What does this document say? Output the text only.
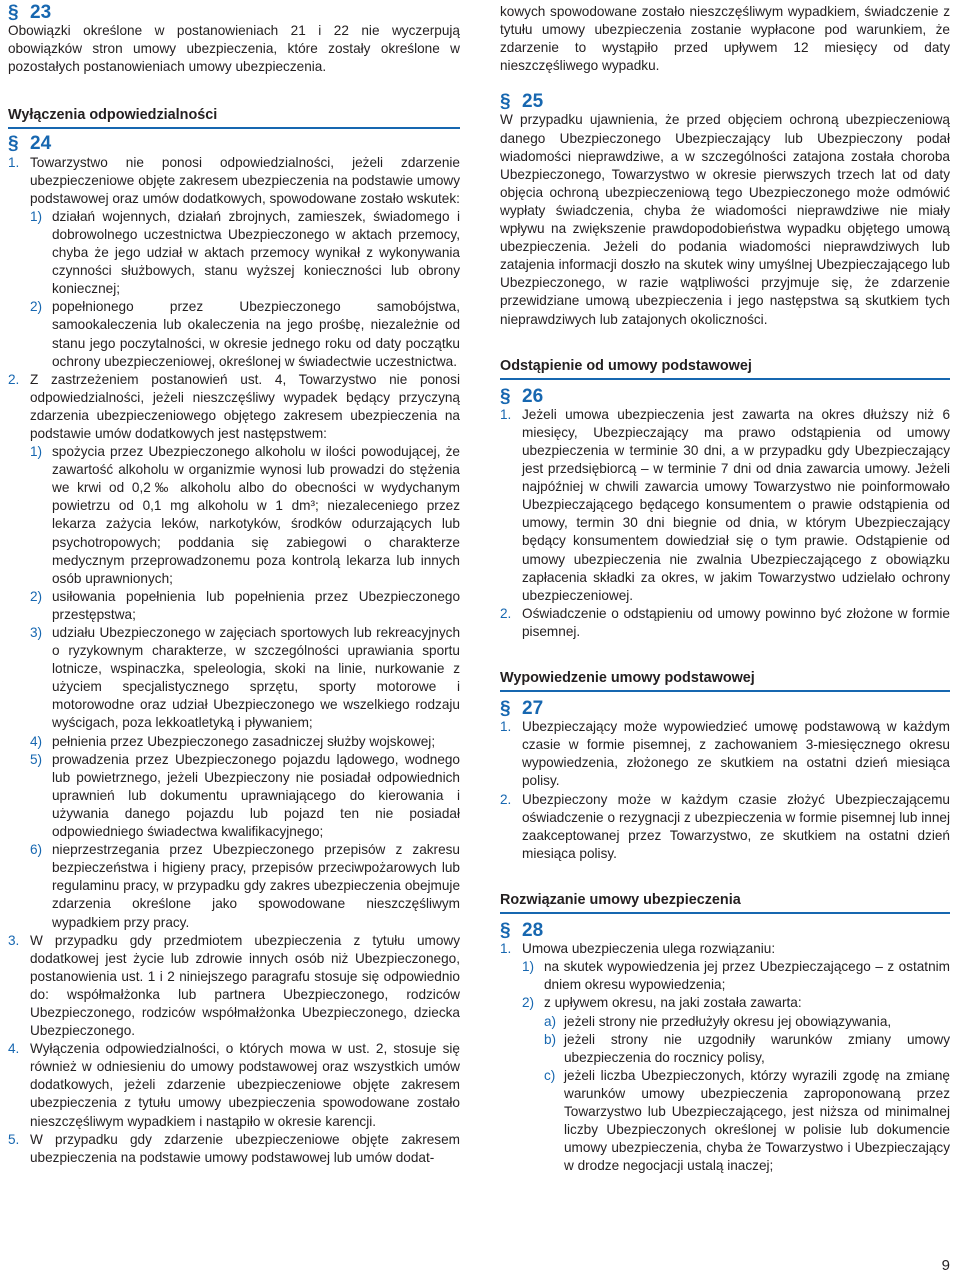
§ 23

Obowiązki określone w postanowieniach 21 i 22 nie wyczerpują obowiązków stron umowy ubezpieczenia, które zostały określone w pozostałych postanowieniach umowy ubezpieczenia.

Wyłączenia odpowiedzialności
§ 24
1. Towarzystwo nie ponosi odpowiedzialności, jeżeli zdarzenie ubezpieczeniowe objęte zakresem ubezpieczenia na podstawie umowy podstawowej oraz umów dodatkowych, spowodowane zostało wskutek:

1) działań wojennych, działań zbrojnych, zamieszek, świadomego i dobrowolnego uczestnictwa Ubezpieczonego w aktach przemocy, chyba że jego udział w aktach przemocy wynikał z wykonywania czynności służbowych, stanu wyższej konieczności lub obrony koniecznej;
2) popełnionego przez Ubezpieczonego samobójstwa, samookaleczenia lub okaleczenia na jego prośbę, niezależnie od stanu jego poczytalności, w okresie jednego roku od daty początku ochrony ubezpieczeniowej, określonej w świadectwie uczestnictwa.
2. Z zastrzeżeniem postanowień ust. 4, Towarzystwo nie ponosi odpowiedzialności, jeżeli nieszczęśliwy wypadek będący przyczyną zdarzenia ubezpieczeniowego objętego zakresem ubezpieczenia na podstawie umów dodatkowych jest następstwem:

1) spożycia przez Ubezpieczonego alkoholu w ilości powodującej, że zawartość alkoholu w organizmie wynosi lub prowadzi do stężenia we krwi od 0,2‰ alkoholu albo do obecności w wydychanym powietrzu od 0,1 mg alkoholu w 1 dm³; niezaleceniego przez lekarza zażycia leków, narkotyków, środków odurzających lub psychotropowych; poddania się zabiegowi o charakterze medycznym przeprowadzonemu poza kontrolą lekarza lub innych osób uprawnionych;
2) usiłowania popełnienia lub popełnienia przez Ubezpieczonego przestępstwa;
3) udziału Ubezpieczonego w zajęciach sportowych lub rekreacyjnych o ryzykownym charakterze, w szczególności uprawiania sportu lotnicze, wspinaczka, speleologia, skoki na linie, nurkowanie z użyciem specjalistycznego sprzętu, sporty motorowe i motorowodne oraz udział Ubezpieczonego we wszelkiego rodzaju wyścigach, poza lekkoatletyką i pływaniem;
4) pełnienia przez Ubezpieczonego zasadniczej służby wojskowej;
5) prowadzenia przez Ubezpieczonego pojazdu lądowego, wodnego lub powietrznego, jeżeli Ubezpieczony nie posiadał odpowiednich uprawnień lub dokumentu uprawniającego do kierowania i używania danego pojazdu lub pojazd ten nie posiadał odpowiedniego świadectwa kwalifikacyjnego;
6) nieprzestrzegania przez Ubezpieczonego przepisów z zakresu bezpieczeństwa i higieny pracy, przepisów przeciwpożarowych lub regulaminu pracy, w przypadku gdy zakres ubezpieczenia obejmuje zdarzenia określone jako spowodowane nieszczęśliwym wypadkiem przy pracy.
3. W przypadku gdy przedmiotem ubezpieczenia z tytułu umowy dodatkowej jest życie lub zdrowie innych osób niż Ubezpieczonego, postanowienia ust. 1 i 2 niniejszego paragrafu stosuje się odpowiednio do: współmałżonka lub partnera Ubezpieczonego, rodziców Ubezpieczonego, rodziców współmałżonka Ubezpieczonego, dziecka Ubezpieczonego.
4. Wyłączenia odpowiedzialności, o których mowa w ust. 2, stosuje się również w odniesieniu do umowy podstawowej oraz wszystkich umów dodatkowych, jeżeli zdarzenie ubezpieczeniowe objęte zakresem ubezpieczenia z tytułu umowy ubezpieczenia spowodowane zostało nieszczęśliwym wypadkiem i nastąpiło w okresie karencji.
5. W przypadku gdy zdarzenie ubezpieczeniowe objęte zakresem ubezpieczenia na podstawie umowy podstawowej lub umów dodat-

kowych spowodowane zostało nieszczęśliwym wypadkiem, świadczenie z tytułu umowy ubezpieczenia zostanie wypłacone pod warunkiem, że zdarzenie to wystąpiło przed upływem 12 miesięcy od daty nieszczęśliwego wypadku.

§ 25

W przypadku ujawnienia, że przed objęciem ochroną ubezpieczeniową danego Ubezpieczonego Ubezpieczający lub Ubezpieczony podał wiadomości nieprawdziwe, a w szczególności zatajona została choroba Ubezpieczonego, Towarzystwo w okresie pierwszych trzech lat od daty objęcia ochroną ubezpieczeniową tego Ubezpieczonego może odmówić wypłaty świadczenia, chyba że wiadomości nieprawdziwe nie miały wpływu na zwiększenie prawdopodobieństwa wypadku objętego umową ubezpieczenia. Jeżeli do podania wiadomości nieprawdziwych lub zatajenia informacji doszło na skutek winy umyślnej Ubezpieczającego lub Ubezpieczonego, w razie wątpliwości przyjmuje się, że zdarzenie przewidziane umową ubezpieczenia i jego następstwa są skutkiem tych nieprawdziwych lub zatajonych okoliczności.

Odstąpienie od umowy podstawowej
§ 26
1. Jeżeli umowa ubezpieczenia jest zawarta na okres dłuższy niż 6 miesięcy, Ubezpieczający ma prawo odstąpienia od umowy ubezpieczenia w terminie 30 dni, a w przypadku gdy Ubezpieczający jest przedsiębiorcą – w terminie 7 dni od dnia zawarcia umowy. Jeżeli najpóźniej w chwili zawarcia umowy Towarzystwo nie poinformowało Ubezpieczającego będącego konsumentem o prawie odstąpienia od umowy, termin 30 dni biegnie od dnia, w którym Ubezpieczający będący konsumentem dowiedział się o tym prawie. Odstąpienie od umowy ubezpieczenia nie zwalnia Ubezpieczającego z obowiązku zapłacenia składki za okres, w jakim Towarzystwo udzielało ochrony ubezpieczeniowej.
2. Oświadczenie o odstąpieniu od umowy powinno być złożone w formie pisemnej.
Wypowiedzenie umowy podstawowej
§ 27
1. Ubezpieczający może wypowiedzieć umowę podstawową w każdym czasie w formie pisemnej, z zachowaniem 3-miesięcznego okresu wypowiedzenia, złożonego ze skutkiem na ostatni dzień miesiąca polisy.
2. Ubezpieczony może w każdym czasie złożyć Ubezpieczającemu oświadczenie o rezygnacji z ubezpieczenia w formie pisemnej lub innej zaakceptowanej przez Towarzystwo, ze skutkiem na ostatni dzień miesiąca polisy.
Rozwiązanie umowy ubezpieczenia
§ 28
1. Umowa ubezpieczenia ulega rozwiązaniu:

1) na skutek wypowiedzenia jej przez Ubezpieczającego – z ostatnim dniem okresu wypowiedzenia;
2) z upływem okresu, na jaki została zawarta:

a) jeżeli strony nie przedłużyły okresu jej obowiązywania,
b) jeżeli strony nie uzgodniły warunków zmiany umowy ubezpieczenia do rocznicy polisy,
c) jeżeli liczba Ubezpieczonych, którzy wyrazili zgodę na zmianę warunków umowy ubezpieczenia zaproponowaną przez Towarzystwo lub Ubezpieczającego, jest niższa od minimalnej liczby Ubezpieczonych określonej w polisie lub dokumencie umowy ubezpieczenia, chyba że Towarzystwo i Ubezpieczający w drodze negocjacji ustalą inaczej;
9
